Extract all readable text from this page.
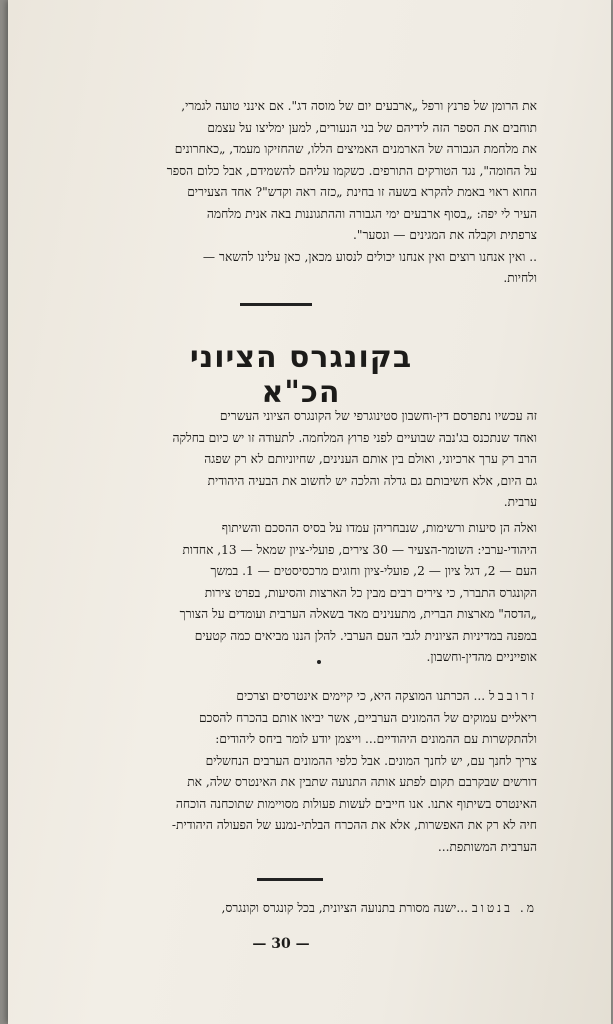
את הרומן של פרנץ ורפל „ארבעים יום של מוסה דג". אם אינני טועה לגמרי,
תוחבים את הספר הזה לידיהם של בני הנעורים, למען ימליצו על עצמם
את מלחמת הגבורה של הארמנים האמיצים הללו, שהחזיקו מעמד, „כאחרונים
על החומה", נגד הטורקים התורפים. כשקמו עליהם להשמידם, אבל כלום הספר
החוא ראוי באמת להקרא בשעה זו בחינת „כזה ראה וקדש"? אחד הצעירים
העיר לי יפה: „בסוף ארבעים ימי הגבורה וההתגוננות באה אנית מלחמה
צרפתית וקבלה את המגינים — ונסער".
.. ואין אנחנו רוצים ואין אנחנו יכולים לנסוע מכאן, כאן עלינו להשאר —
ולחיות.
בקונגרס הציוני הכ"א
זה עכשיו נתפרסם דין-וחשבון סטינוגרפי של הקונגרס הציוני העשרים
ואחד שנתכנס בג'נבה שבועיים לפני פרוץ המלחמה. לתעודה זו יש כיום בחלקה
הרב רק ערך ארכיוני, ואולם בין אותם הענינים, שחיוניותם לא רק שפגה
גם היום, אלא חשיבותם גם גדלה והלכה יש לחשוב את הבעיה היהודית
ערבית.
ואלה הן סיעות ורשימות, שנבחריהן עמדו על בסיס ההסכם והשיתוף
היהודי-ערבי: השומר-הצעיר — 30 צירים, פועלי-ציון שמאל — 13, אחדות
העם — 2, דגל ציון — 2, פועלי-ציון וחוגים מרכסיסטים — 1. במשך
הקונגרס התברר, כי צירים רבים מבין כל הארצות והסיעות, בפרט צירות
„הדסה" מארצות הברית, מתענינים מאד בשאלה הערבית ועומדים על הצורך
במפנה במדיניות הציונית לגבי העם הערבי. להלן הננו מביאים כמה קטעים
אופייניים מהדין-וחשבון.
זרובבל ... הכרתנו המוצקה היא, כי קיימים אינטרסים וצרכים
ריאליים עמוקים של ההמונים הערביים, אשר יביאו אותם בהכרח להסכם
ולהתקשרות עם ההמונים היהודיים... וייצמן יודע לומר ביחס ליהודים:
צריך לחנך עם, יש לחנך המונים. אבל כלפי ההמונים הערבים הנחשלים
דורשים שבקרבם תקום לפתע אותה התנועה שתבין את האינטרס שלה, את
האינטרס בשיתוף אתנו. אנו חייבים לעשות פעולות מסויימות שתוכחנה הוכחה
חיה לא רק את האפשרות, אלא את ההכרח הבלתי-נמנע של הפעולה היהודית-
הערבית המשותפת...
מ. בנטוב ...ישנה מסורת בתנועה הציונית, בכל קונגרס וקונגרס,
— 30 —
